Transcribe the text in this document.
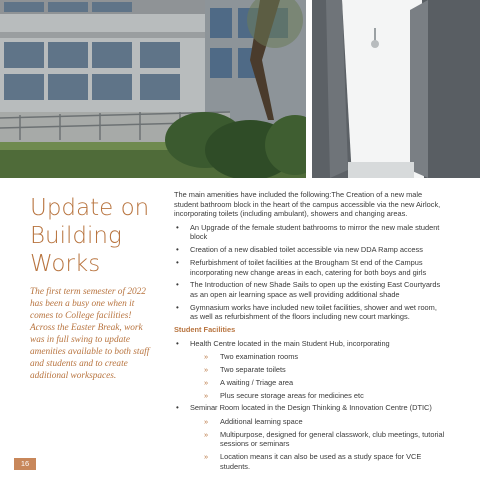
Update on
Building
Works

The first term semester of 2022 has been a busy one when it comes to College facilities! Across the Easter Break, work was in full swing to update amenities available to both staff and students and to create additional workspaces.

16

The main amenities have included the following:The Creation of a new male student bathroom block in the heart of the campus accessible via the new Airlock, incorporating toilets (including ambulant), showers and changing areas.

• An Upgrade of the female student bathrooms to mirror the new male student block
• Creation of a new disabled toilet accessible via new DDA Ramp access
• Refurbishment of toilet facilities at the Brougham St end of the Campus incorporating new change areas in each, catering for both boys and girls
• The Introduction of new Shade Sails to open up the existing East Courtyards as an open air learning space as well providing additional shade
• Gymnasium works have included new toilet facilities, shower and wet room, as well as refurbishment of the floors including new court markings.
Student Facilities
• Health Centre located in the main Student Hub, incorporating
» Two examination rooms
» Two separate toilets
» A waiting / Triage area
» Plus secure storage areas for medicines etc
• Seminar Room located in the Design Thinking & Innovation Centre (DTIC)
» Additional learning space
» Multipurpose, designed for general classwork, club meetings, tutorial sessions or seminars
» Location means it can also be used as a study space for VCE students.
